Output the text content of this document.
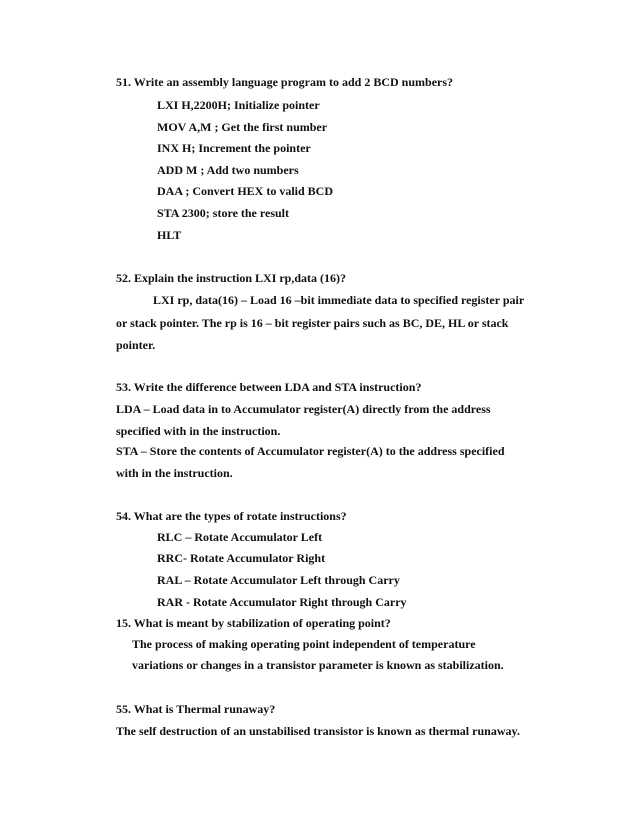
51. Write an assembly language program to add 2 BCD numbers?
LXI H,2200H; Initialize pointer
MOV A,M ; Get the first number
INX H; Increment the pointer
ADD M ; Add two numbers
DAA ; Convert HEX to valid BCD
STA 2300; store the result
HLT
52. Explain the instruction LXI rp,data (16)?
LXI rp, data(16) – Load 16 –bit immediate data to specified register pair
or stack pointer. The rp is 16 – bit register pairs such as BC, DE, HL or stack
pointer.
53. Write the difference between LDA and STA instruction?
LDA – Load data in to Accumulator register(A) directly from the address
specified with in the instruction.
STA – Store the contents of Accumulator register(A) to the address specified
with in the instruction.
54. What are the types of rotate instructions?
RLC – Rotate Accumulator Left
RRC- Rotate Accumulator Right
RAL – Rotate Accumulator Left through Carry
RAR - Rotate Accumulator Right through Carry
15. What is meant by stabilization of operating point?
The process of making operating point independent of temperature
variations or changes in a transistor parameter is known as stabilization.
55. What is Thermal runaway?
The self destruction of an unstabilised transistor is known as thermal runaway.
